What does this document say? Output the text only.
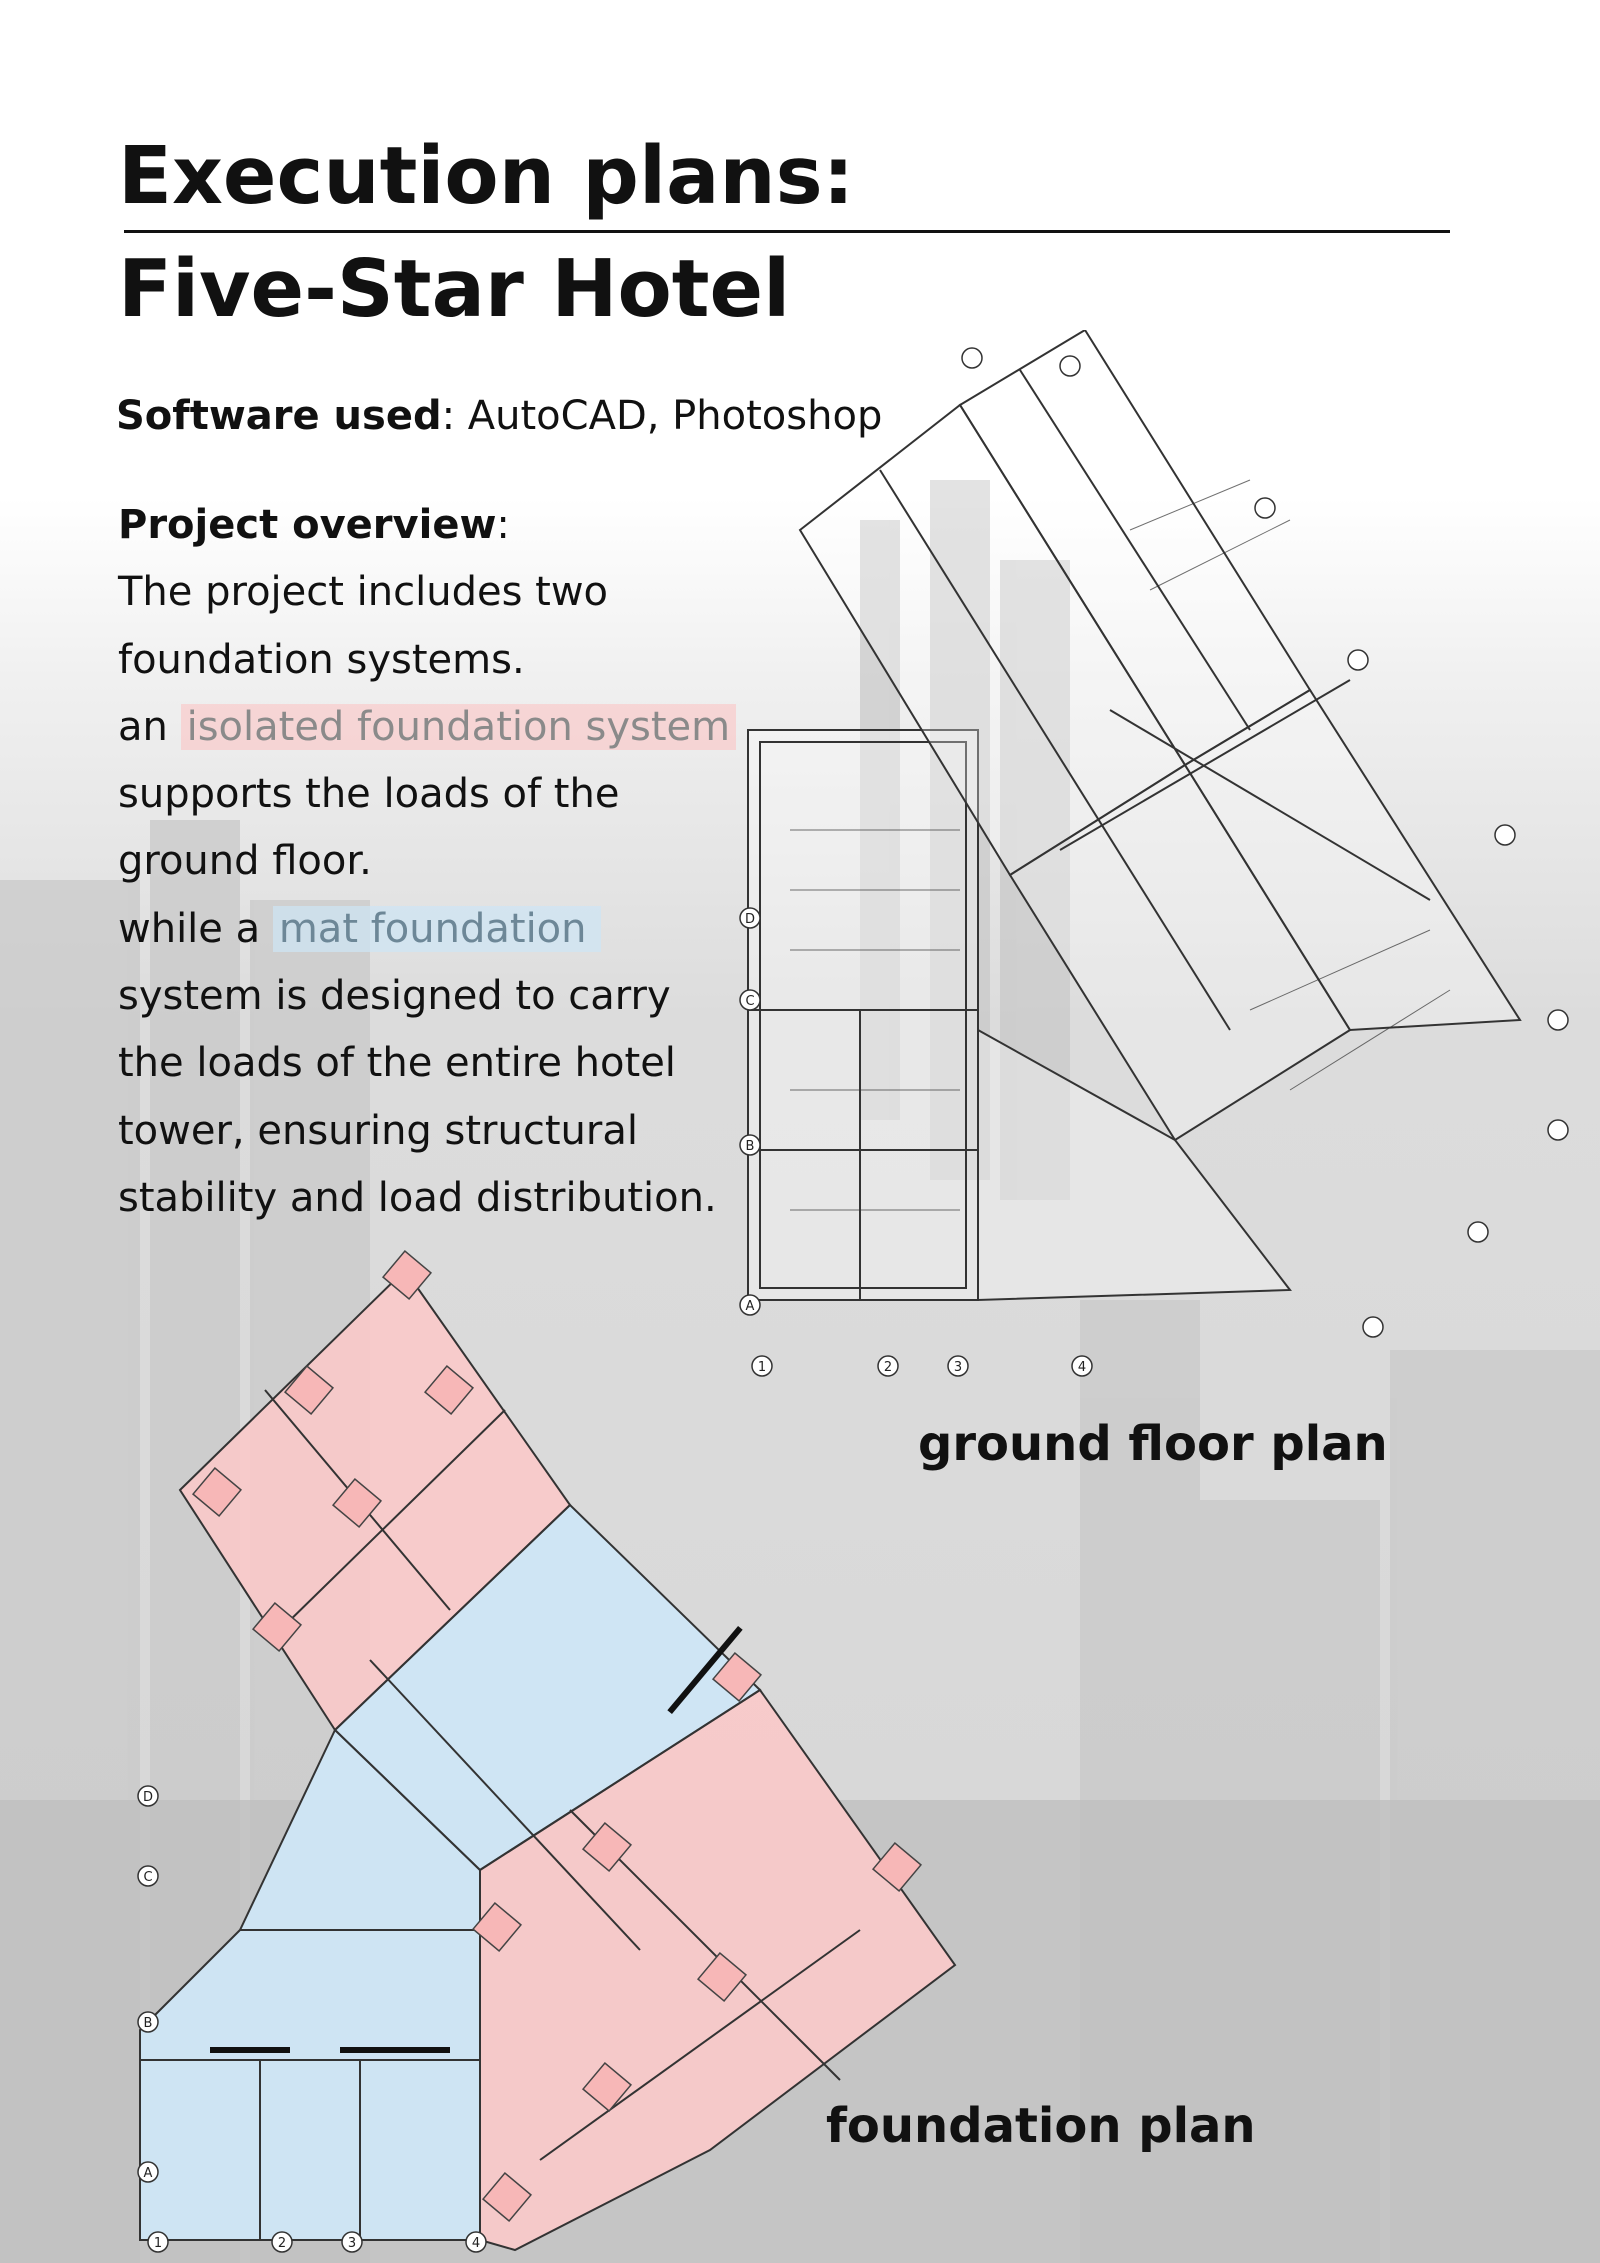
Execution plans:
Five-Star Hotel
Software used: AutoCAD, Photoshop
Project overview:
The project includes two
foundation systems.
an isolated foundation system
supports the loads of the
ground floor.
while a mat foundation
system is designed to carry
the loads of the entire hotel
tower, ensuring structural
stability and load distribution.
1	2	3	4
A
B
C
D
1	2	3	4
A
B
C
D
ground floor plan
foundation plan
